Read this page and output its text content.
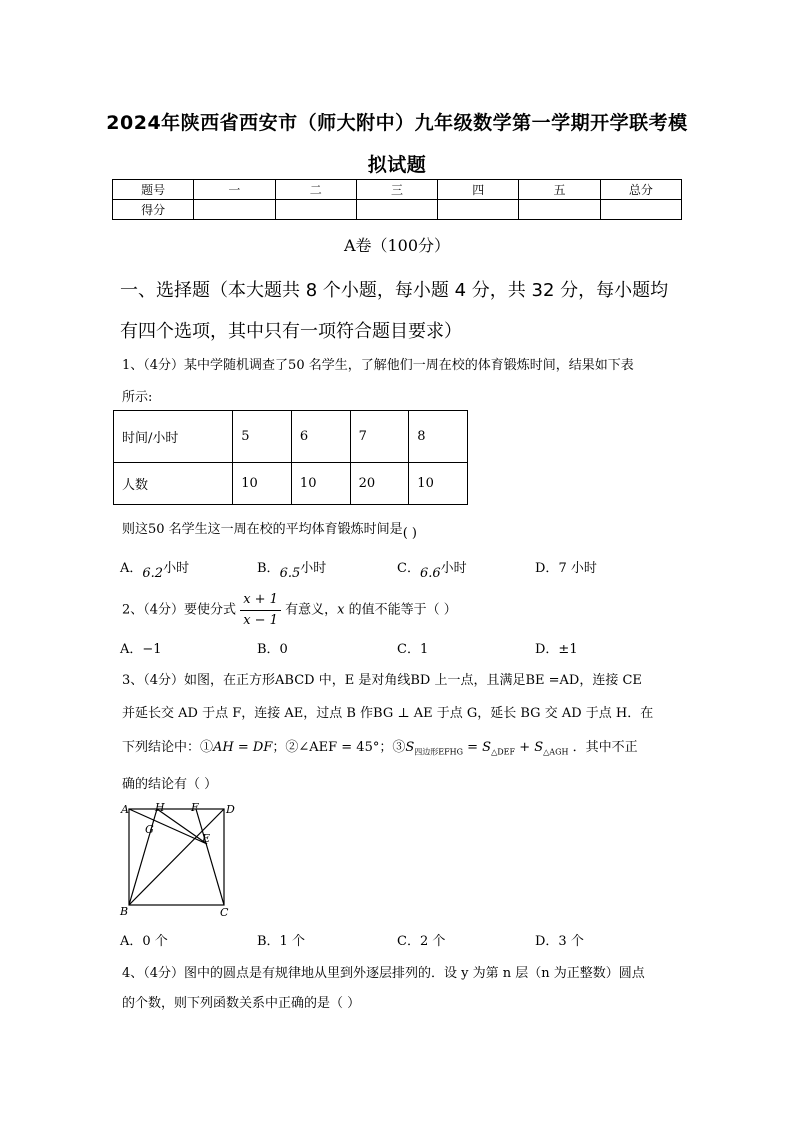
2024年陕西省西安市（师大附中）九年级数学第一学期开学联考模
拟试题
题号	一	二	三	四	五	总分
得分						
A卷（100分）
一、选择题（本大题共 8 个小题，每小题 4 分，共 32 分，每小题均
有四个选项，其中只有一项符合题目要求）
1、（4分）某中学随机调查了50 名学生，了解他们一周在校的体育锻炼时间，结果如下表
所示:
时间/小时	5	6	7	8
人数	10	10	20	10
则这50 名学生这一周在校的平均体育锻炼时间是( )
A．6.2小时	B．6.5小时	C．6.6小时	D．7 小时
2、（4分）要使分式 $\frac{x + 1}{x - 1}$ 有意义，x 的值不能等于（ ）
A．−1	B．0	C．1	D．±1
3、（4分）如图，在正方形ABCD 中，E 是对角线BD 上一点，且满足BE =AD，连接 CE
并延长交 AD 于点 F，连接 AE，过点 B 作BG ⊥ AE 于点 G，延长 BG 交 AD 于点 H．在
下列结论中：①AH = DF；②∠AEF = 45°；$③S_{四边形EFHG} = S_{\triangle DEF} + S_{\triangle AGH}$ ．其中不正
确的结论有（ ）
A H F D
G
E
B	C
A．0 个	B．1 个	C．2 个	D．3 个
4、（4分）图中的圆点是有规律地从里到外逐层排列的．设 y 为第 n 层（n 为正整数）圆点
的个数，则下列函数关系中正确的是（ ）
